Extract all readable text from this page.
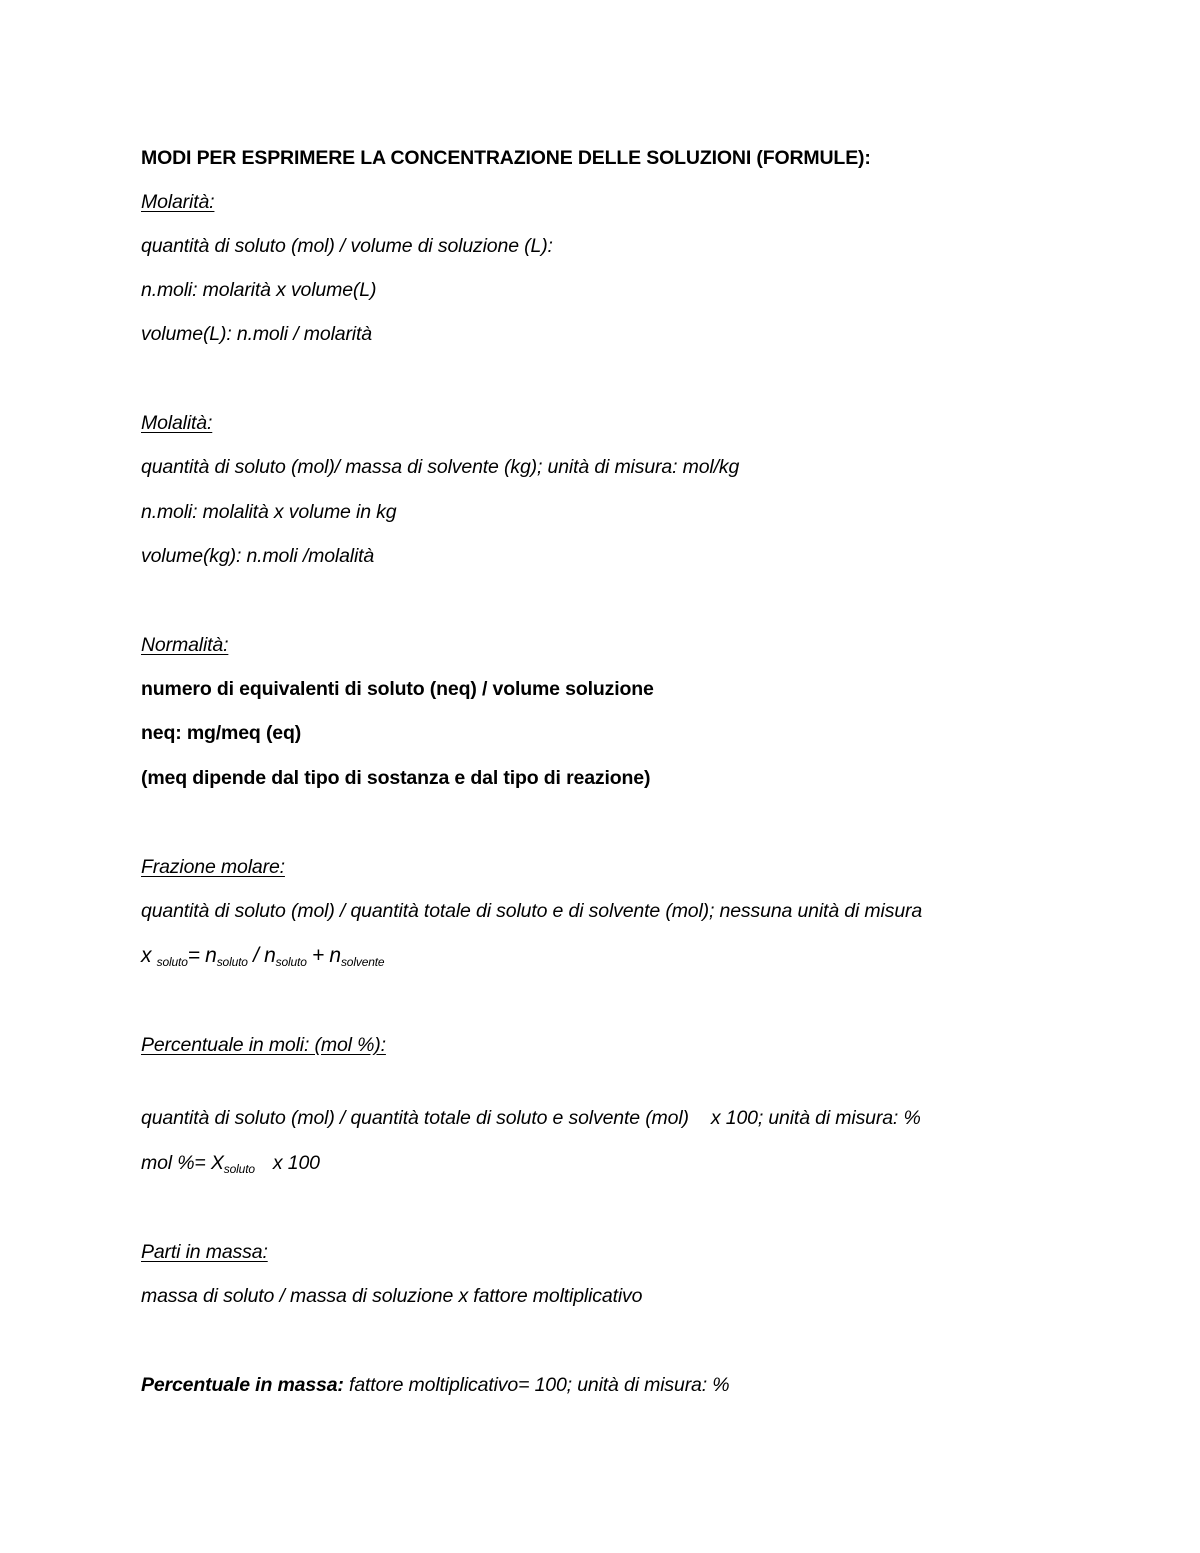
MODI PER ESPRIMERE LA CONCENTRAZIONE DELLE SOLUZIONI (FORMULE):
Molarità:
quantità di soluto (mol) / volume di soluzione (L):
n.moli: molarità x volume(L)
volume(L): n.moli / molarità
Molalità:
quantità di soluto (mol)/ massa di solvente (kg); unità di misura: mol/kg
n.moli: molalità x volume in kg
volume(kg): n.moli /molalità
Normalità:
numero di equivalenti di soluto (neq) / volume soluzione
neq: mg/meq (eq)
(meq dipende dal tipo di sostanza e dal tipo di reazione)
Frazione molare:
quantità di soluto (mol) / quantità totale di soluto e di solvente (mol); nessuna unità di misura
x $_{soluto}= n_{soluto} / n_{soluto} + n_{solvente}$
Percentuale in moli: (mol %):
quantità di soluto (mol) / quantità totale di soluto e solvente (mol) x 100; unità di misura: %
mol %= $X_{soluto}$ x 100
Parti in massa:
massa di soluto / massa di soluzione x fattore moltiplicativo
Percentuale in massa: fattore moltiplicativo= 100; unità di misura: %
